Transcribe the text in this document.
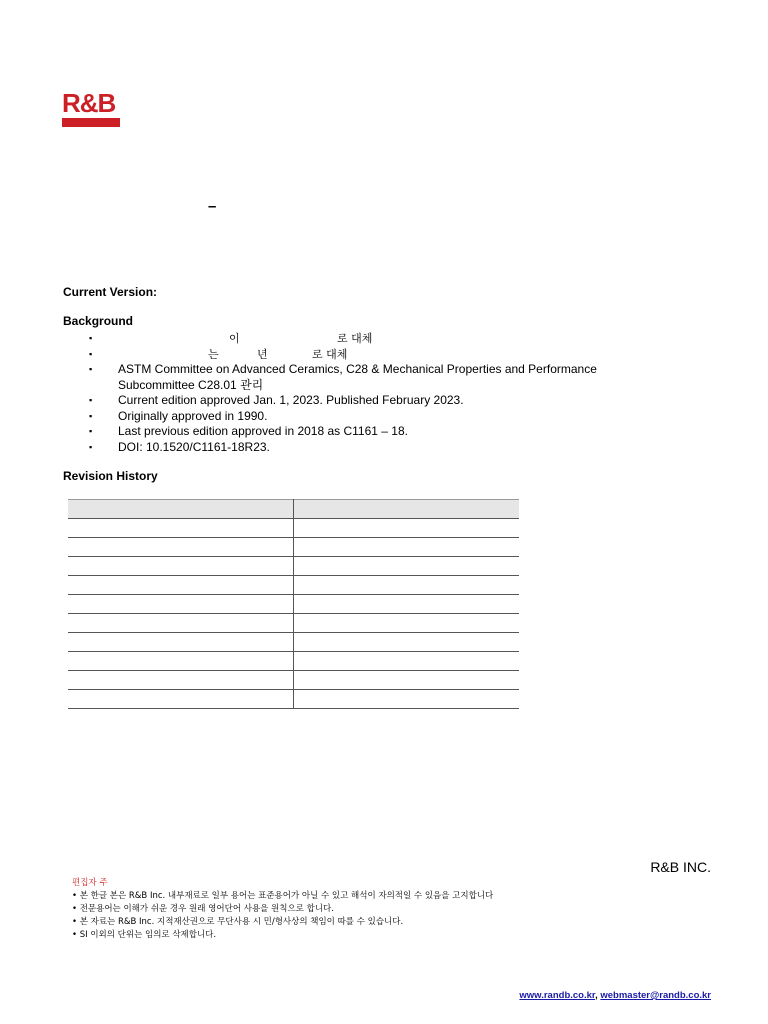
R&B
–
Current Version:
Background
▪	이	로 대체
▪	는	년	로 대체
▪ ASTM Committee on Advanced Ceramics, C28 & Mechanical Properties and Performance
Subcommittee C28.01 관리
▪ Current edition approved Jan. 1, 2023. Published February 2023.
▪ Originally approved in 1990.
▪ Last previous edition approved in 2018 as C1161 – 18.
▪ DOI: 10.1520/C1161-18R23.
Revision History

R&B INC.
편집자 주
• 본 한글 본은 R&B Inc. 내부재료로 일부 용어는 표준용어가 아닐 수 있고 해석이 자의적일 수 있음을 고지합니다
• 전문용어는 이해가 쉬운 경우 원래 영어단어 사용을 원칙으로 합니다.
• 본 자료는 R&B Inc. 지적재산권으로 무단사용 시 민/형사상의 책임이 따를 수 있습니다.
• SI 이외의 단위는 임의로 삭제합니다.
www.randb.co.kr, webmaster@randb.co.kr
